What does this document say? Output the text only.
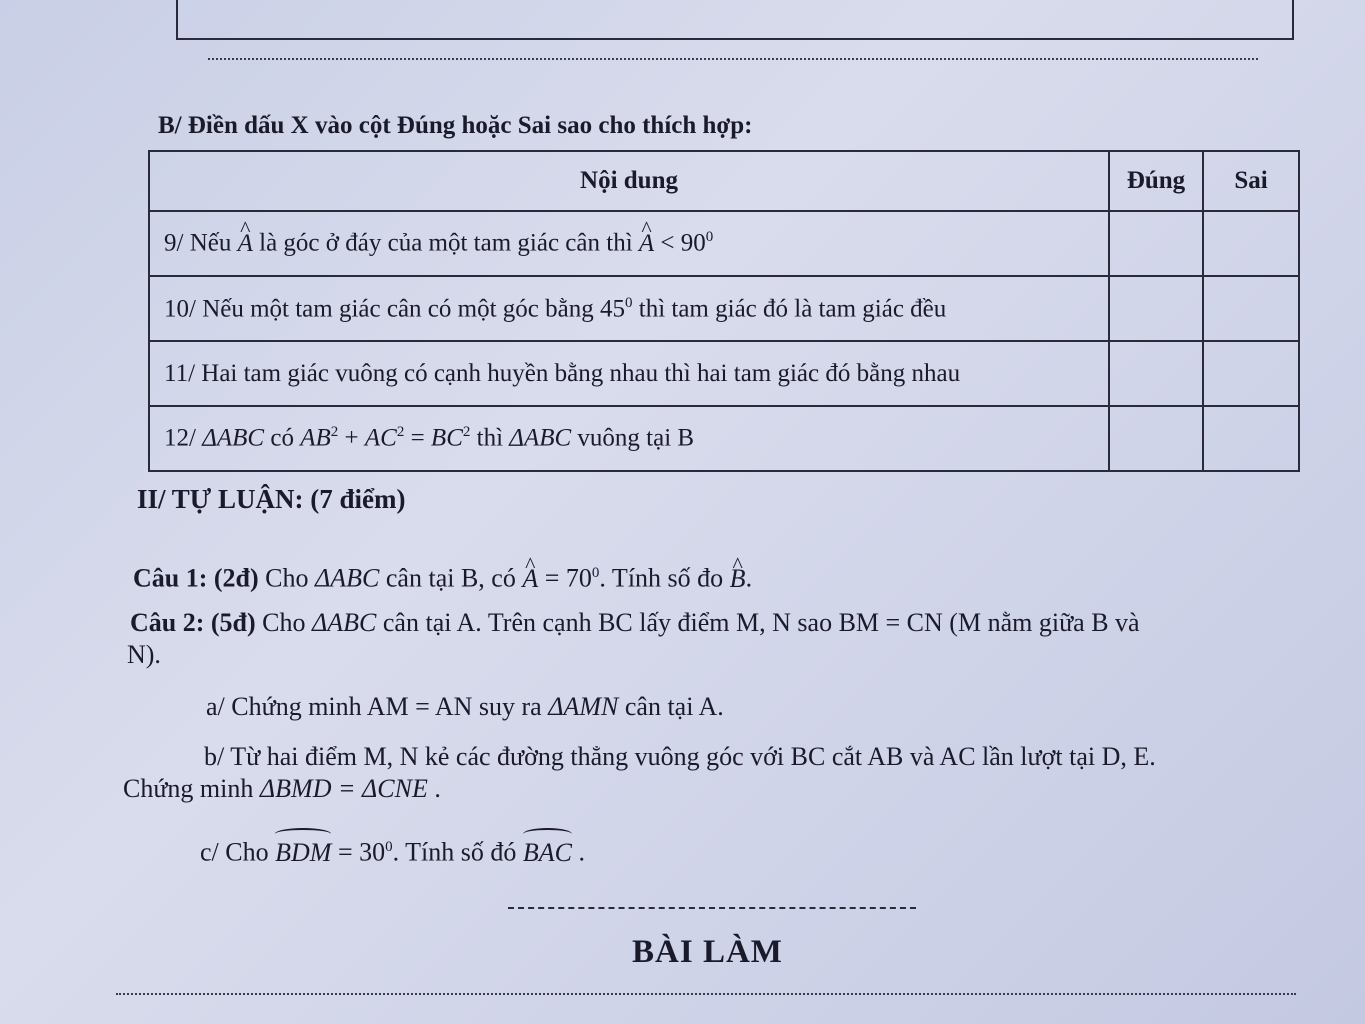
B/ Điền dấu X vào cột Đúng hoặc Sai sao cho thích hợp:
Nội dung	Đúng	Sai
9/ Nếu ^ A là góc ở đáy của một tam giác cân thì ^ $A < 90^0$		
10/ Nếu một tam giác cân có một góc bằng $45^0$ thì tam giác đó là tam giác đều		
11/ Hai tam giác vuông có cạnh huyền bằng nhau thì hai tam giác đó bằng nhau		
12/ ΔABC có $AB^2 + AC^2 = BC^2$ thì ΔABC vuông tại B		
II/ TỰ LUẬN: (7 điểm)
Câu 1: (2đ) Cho ΔABC cân tại B, có ^ $A = 70^0$. Tính số đo ^ B.
Câu 2: (5đ) Cho ΔABC cân tại A. Trên cạnh BC lấy điểm M, N sao BM = CN (M nằm giữa B và
N).
a/ Chứng minh AM = AN suy ra ΔAMN cân tại A.
b/ Từ hai điểm M, N kẻ các đường thẳng vuông góc với BC cắt AB và AC lần lượt tại D, E.
Chứng minh ΔBMD = ΔCNE .
c/ Cho BDM = $30^0$. Tính số đó BAC .
BÀI LÀM
